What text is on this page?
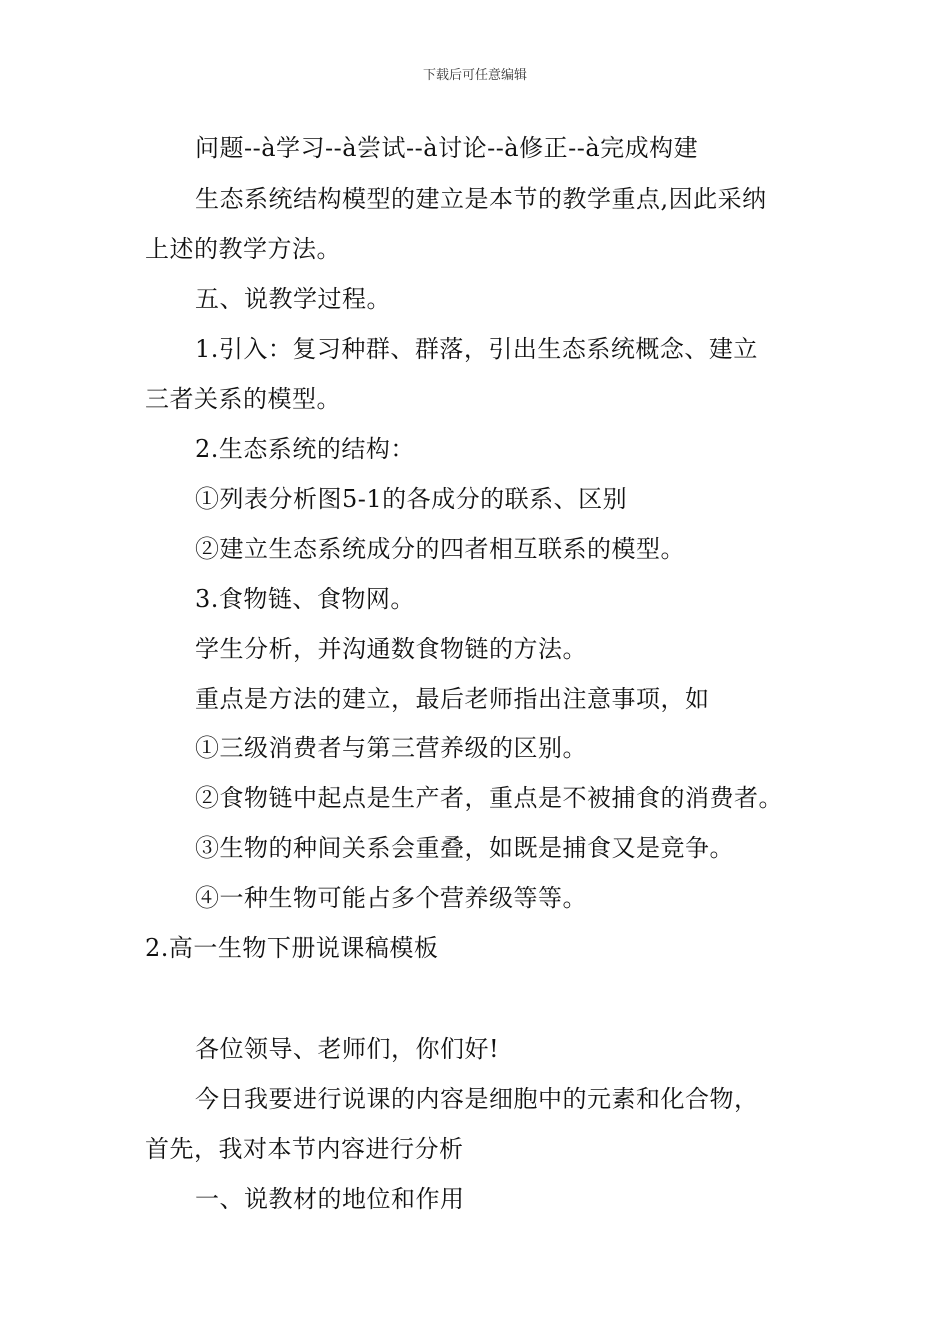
下载后可任意编辑
问题--à学习--à尝试--à讨论--à修正--à完成构建
生态系统结构模型的建立是本节的教学重点,因此采纳
上述的教学方法。
五、说教学过程。
1.引入：复习种群、群落，引出生态系统概念、建立
三者关系的模型。
2.生态系统的结构：
①列表分析图5-1的各成分的联系、区别
②建立生态系统成分的四者相互联系的模型。
3.食物链、食物网。
学生分析，并沟通数食物链的方法。
重点是方法的建立，最后老师指出注意事项，如
①三级消费者与第三营养级的区别。
②食物链中起点是生产者，重点是不被捕食的消费者。
③生物的种间关系会重叠，如既是捕食又是竞争。
④一种生物可能占多个营养级等等。
2.高一生物下册说课稿模板
各位领导、老师们，你们好!
今日我要进行说课的内容是细胞中的元素和化合物，
首先，我对本节内容进行分析
一、说教材的地位和作用
